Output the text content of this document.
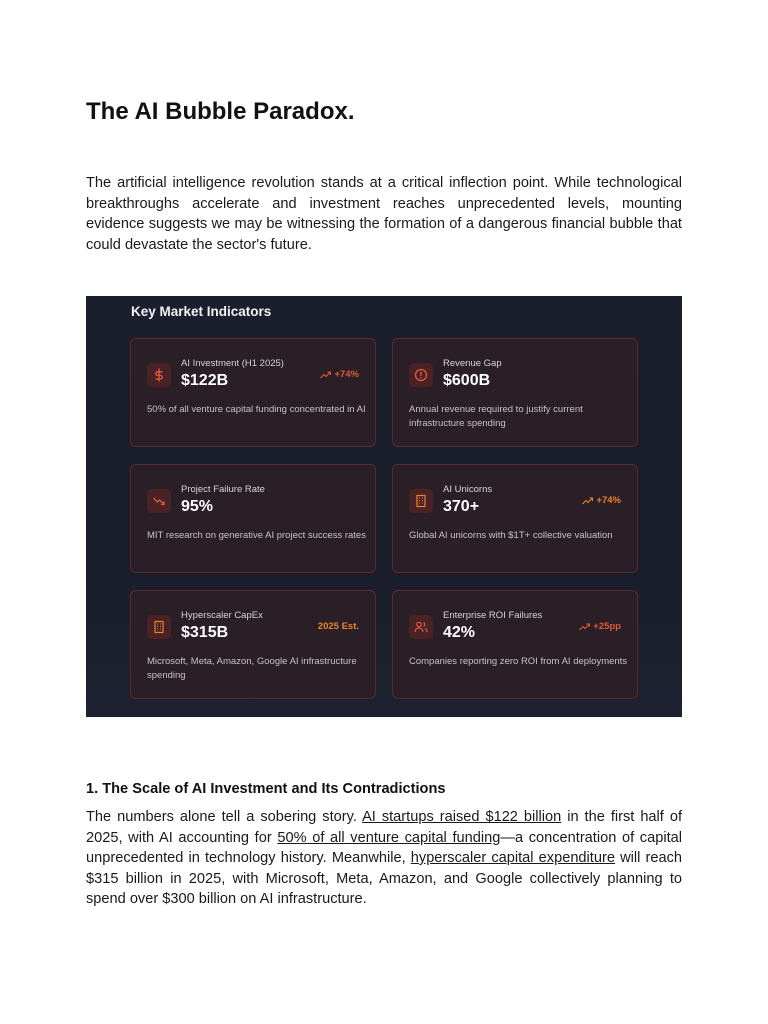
The AI Bubble Paradox.

The artificial intelligence revolution stands at a critical inflection point. While technological breakthroughs accelerate and investment reaches unprecedented levels, mounting evidence suggests we may be witnessing the formation of a dangerous financial bubble that could devastate the sector's future.

Key Market Indicators
AI Investment (H1 2025)
$122B	+74%
50% of all venture capital funding concentrated in AI
Revenue Gap
$600B
Annual revenue required to justify current infrastructure spending
Project Failure Rate
95%
MIT research on generative AI project success rates
AI Unicorns
370+	+74%
Global AI unicorns with $1T+ collective valuation
Hyperscaler CapEx
$315B	2025 Est.
Microsoft, Meta, Amazon, Google AI infrastructure spending
Enterprise ROI Failures
42%	+25pp
Companies reporting zero ROI from AI deployments
1. The Scale of AI Investment and Its Contradictions

The numbers alone tell a sobering story. AI startups raised $122 billion in the first half of 2025, with AI accounting for 50% of all venture capital funding—a concentration of capital unprecedented in technology history. Meanwhile, hyperscaler capital expenditure will reach $315 billion in 2025, with Microsoft, Meta, Amazon, and Google collectively planning to spend over $300 billion on AI infrastructure.
